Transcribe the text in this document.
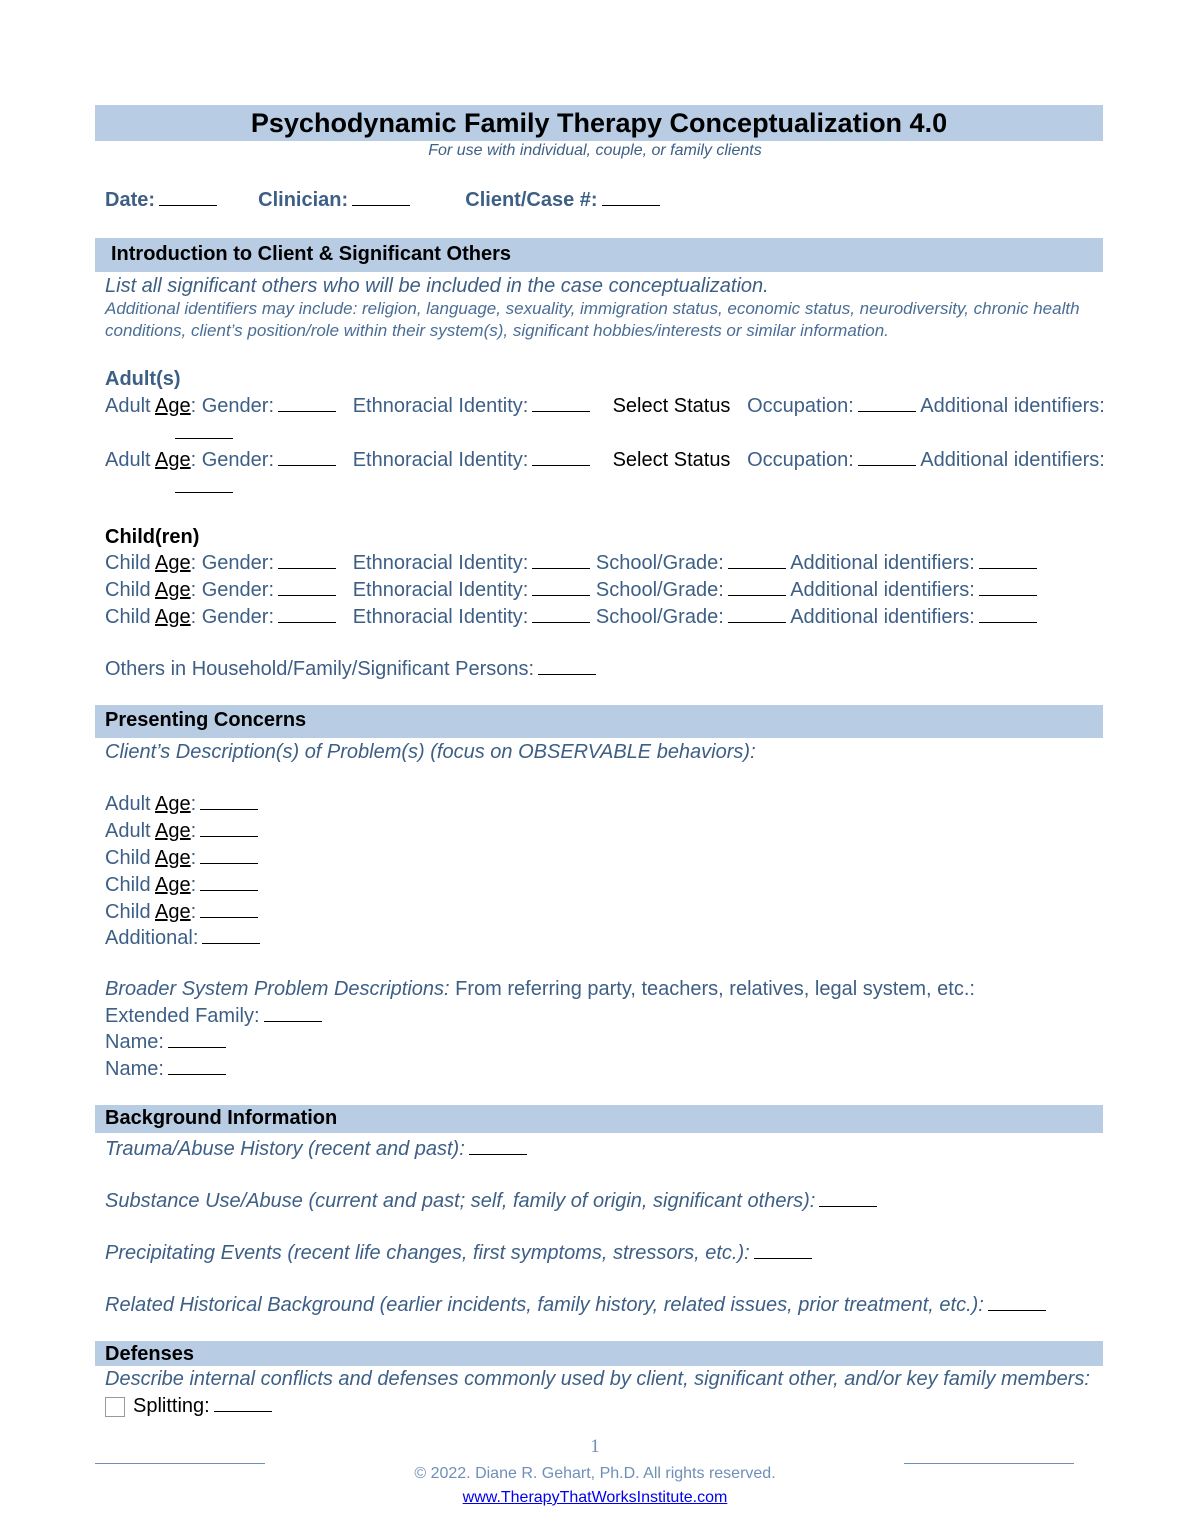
Psychodynamic Family Therapy Conceptualization 4.0
For use with individual, couple, or family clients
Date:	Clinician:	Client/Case #:
Introduction to Client & Significant Others
List all significant others who will be included in the case conceptualization.
Additional identifiers may include: religion, language, sexuality, immigration status, economic status, neurodiversity, chronic health
conditions, client’s position/role within their system(s), significant hobbies/interests or similar information.
Adult(s)
Adult Age: Gender:	Ethnoracial Identity:	Select Status Occupation:	Additional identifiers:
Adult Age: Gender:	Ethnoracial Identity:	Select Status Occupation:	Additional identifiers:
Child(ren)
Child Age: Gender:	Ethnoracial Identity:	School/Grade:	Additional identifiers:
Child Age: Gender:	Ethnoracial Identity:	School/Grade:	Additional identifiers:
Child Age: Gender:	Ethnoracial Identity:	School/Grade:	Additional identifiers:
Others in Household/Family/Significant Persons:
Presenting Concerns
Client’s Description(s) of Problem(s) (focus on OBSERVABLE behaviors):
Adult Age:
Adult Age:
Child Age:
Child Age:
Child Age:
Additional:
Broader System Problem Descriptions: From referring party, teachers, relatives, legal system, etc.:
Extended Family:
Name:
Name:
Background Information
Trauma/Abuse History (recent and past):
Substance Use/Abuse (current and past; self, family of origin, significant others):
Precipitating Events (recent life changes, first symptoms, stressors, etc.):
Related Historical Background (earlier incidents, family history, related issues, prior treatment, etc.):
Defenses
Describe internal conflicts and defenses commonly used by client, significant other, and/or key family members:
Splitting:
1
© 2022. Diane R. Gehart, Ph.D. All rights reserved.
www.TherapyThatWorksInstitute.com
